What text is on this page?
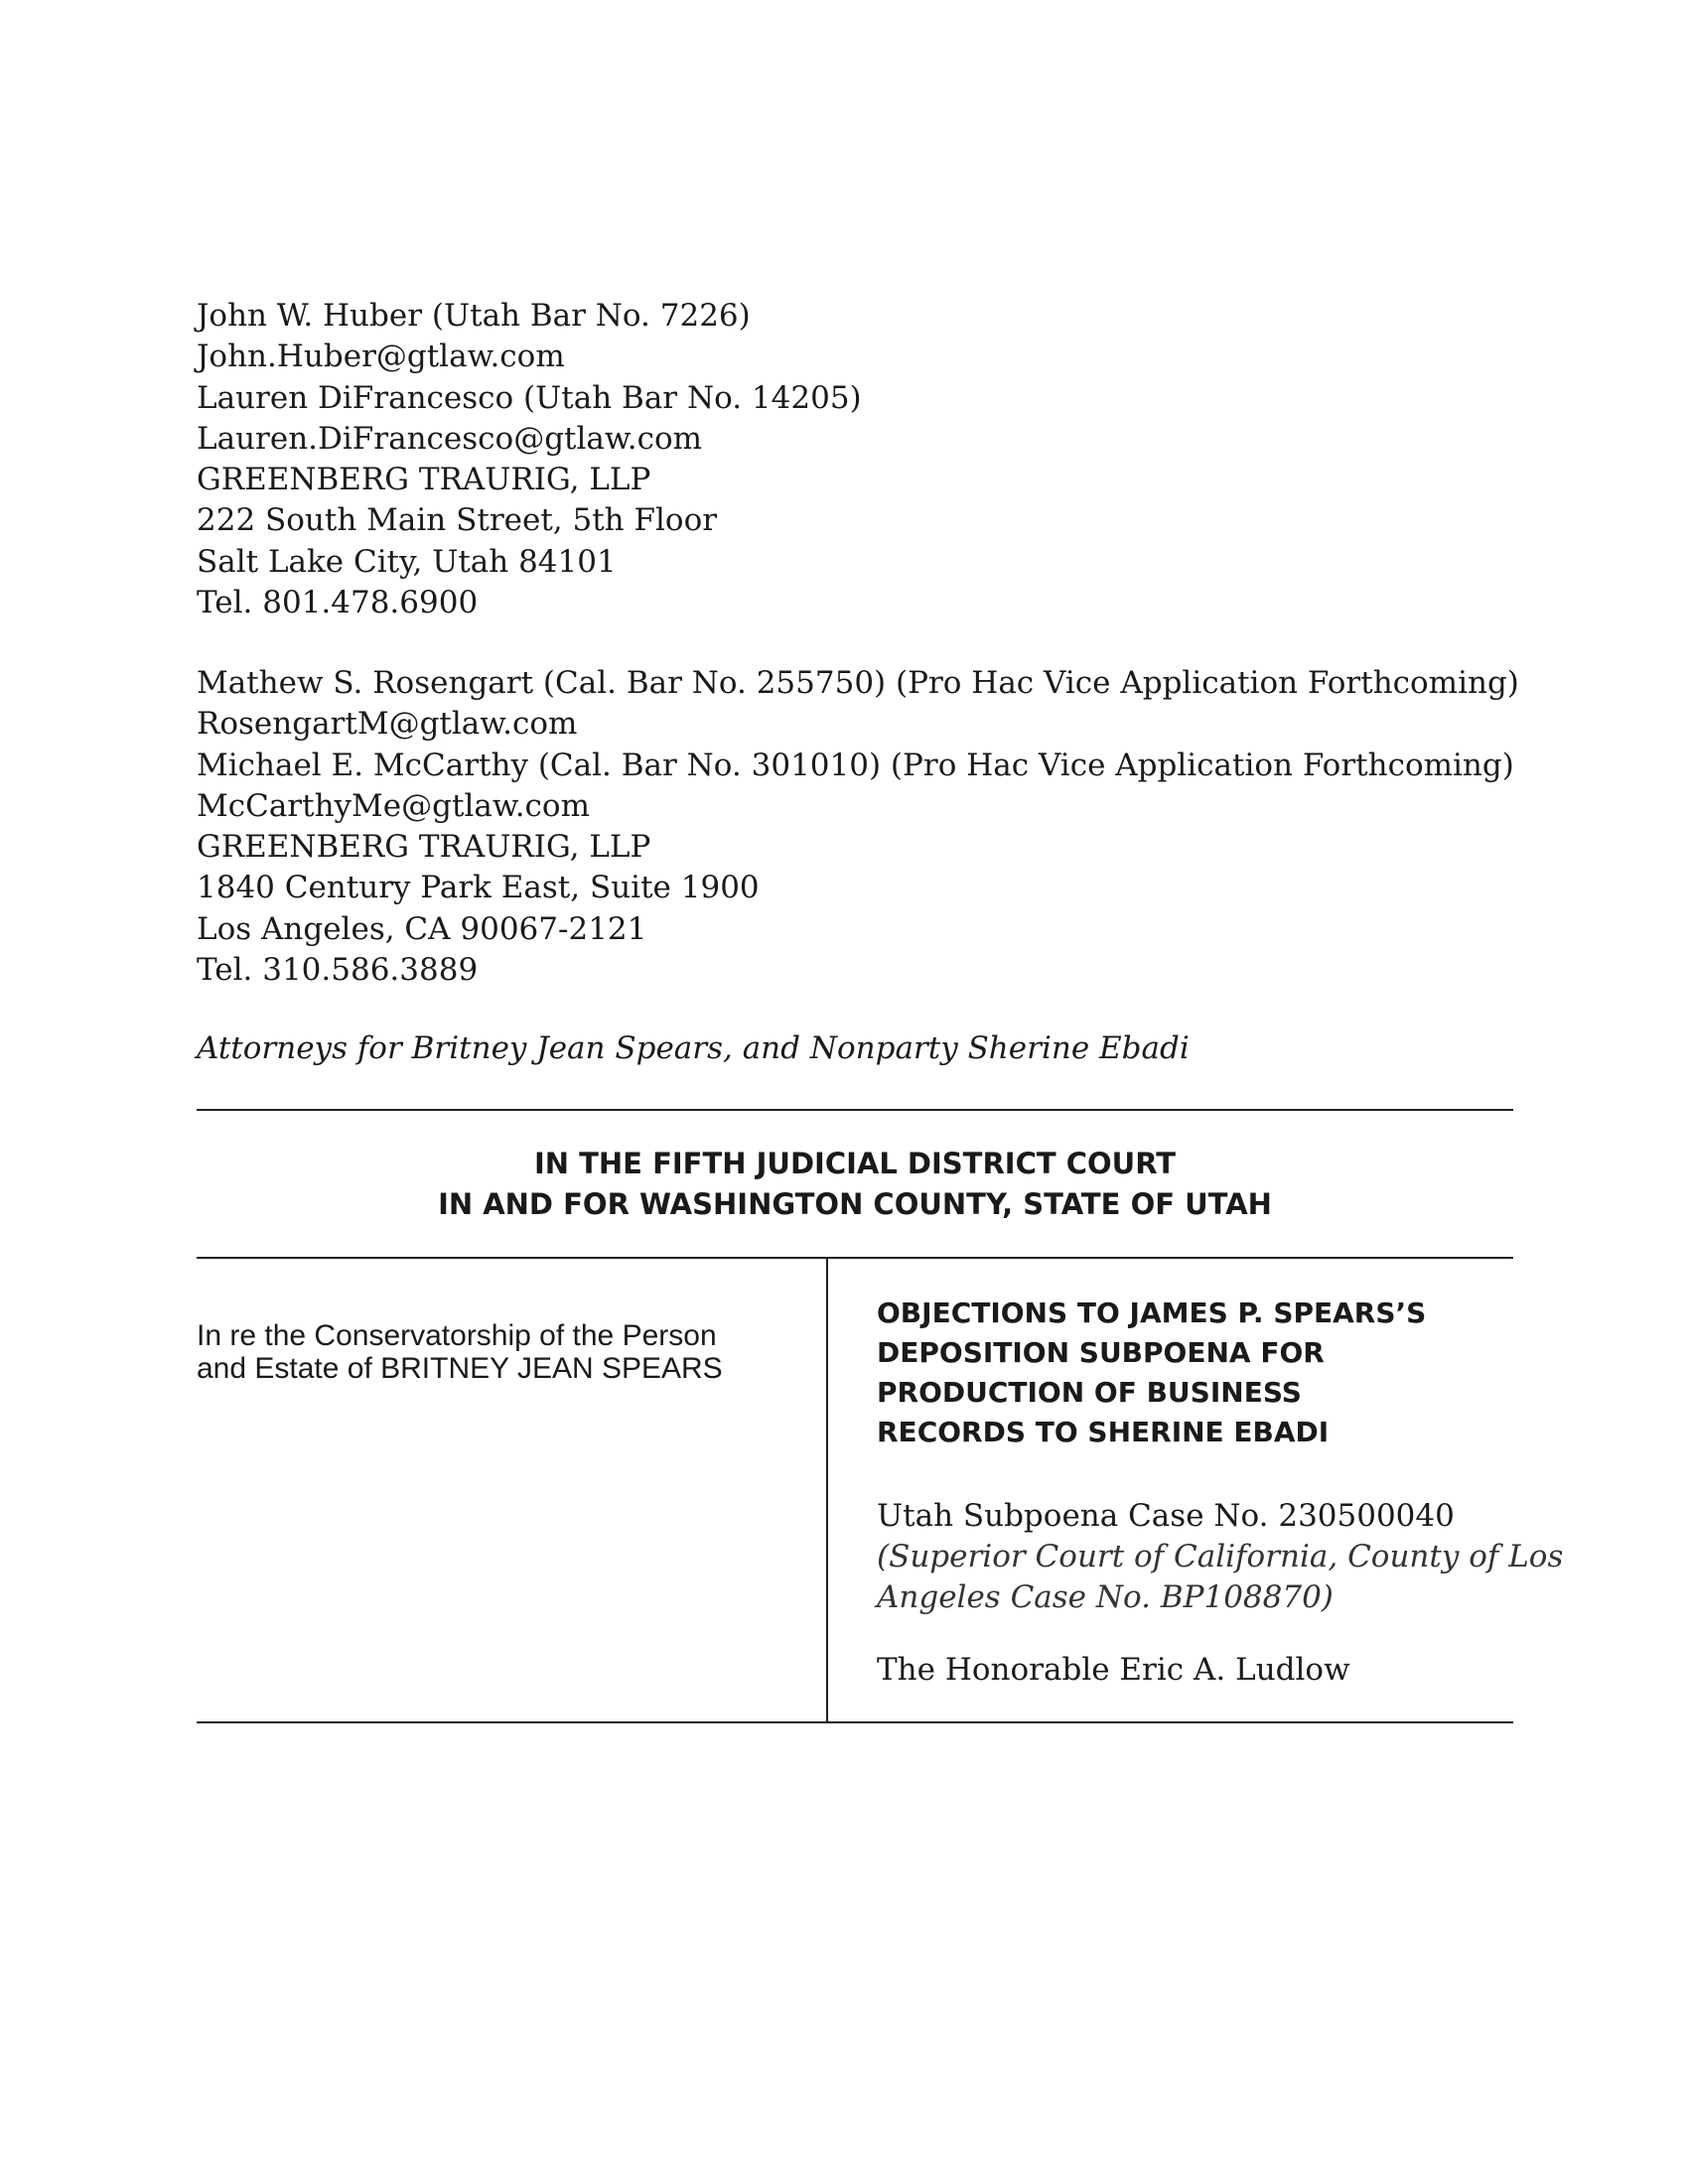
John W. Huber (Utah Bar No. 7226)
John.Huber@gtlaw.com
Lauren DiFrancesco (Utah Bar No. 14205)
Lauren.DiFrancesco@gtlaw.com
GREENBERG TRAURIG, LLP
222 South Main Street, 5th Floor
Salt Lake City, Utah 84101
Tel. 801.478.6900
Mathew S. Rosengart (Cal. Bar No. 255750) (Pro Hac Vice Application Forthcoming)
RosengartM@gtlaw.com
Michael E. McCarthy (Cal. Bar No. 301010) (Pro Hac Vice Application Forthcoming)
McCarthyMe@gtlaw.com
GREENBERG TRAURIG, LLP
1840 Century Park East, Suite 1900
Los Angeles, CA 90067-2121
Tel. 310.586.3889
Attorneys for Britney Jean Spears, and Nonparty Sherine Ebadi
IN THE FIFTH JUDICIAL DISTRICT COURT
IN AND FOR WASHINGTON COUNTY, STATE OF UTAH
In re the Conservatorship of the Person
and Estate of BRITNEY JEAN SPEARS
OBJECTIONS TO JAMES P. SPEARS’S
DEPOSITION SUBPOENA FOR
PRODUCTION OF BUSINESS
RECORDS TO SHERINE EBADI
Utah Subpoena Case No. 230500040
(Superior Court of California, County of Los
Angeles Case No. BP108870)
The Honorable Eric A. Ludlow
